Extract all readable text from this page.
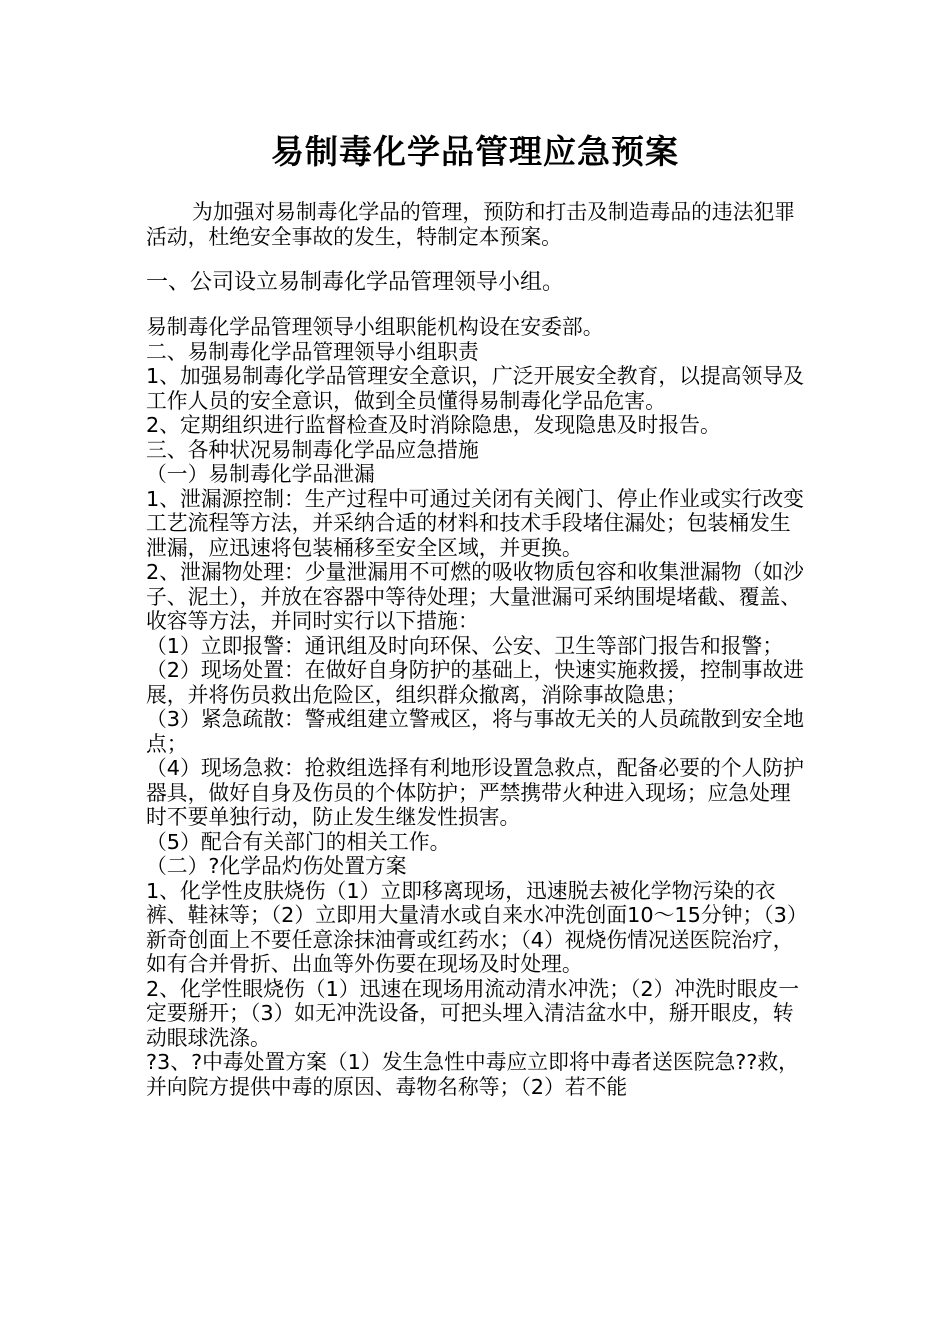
易制毒化学品管理应急预案

为加强对易制毒化学品的管理，预防和打击及制造毒品的违法犯罪活动，杜绝安全事故的发生，特制定本预案。

一、公司设立易制毒化学品管理领导小组。

易制毒化学品管理领导小组职能机构设在安委部。

二、易制毒化学品管理领导小组职责

1、加强易制毒化学品管理安全意识，广泛开展安全教育，以提高领导及工作人员的安全意识，做到全员懂得易制毒化学品危害。

2、定期组织进行监督检查及时消除隐患，发现隐患及时报告。

三、各种状况易制毒化学品应急措施

（一）易制毒化学品泄漏

1、泄漏源控制：生产过程中可通过关闭有关阀门、停止作业或实行改变工艺流程等方法，并采纳合适的材料和技术手段堵住漏处；包装桶发生泄漏，应迅速将包装桶移至安全区域，并更换。

2、泄漏物处理：少量泄漏用不可燃的吸收物质包容和收集泄漏物（如沙子、泥土），并放在容器中等待处理；大量泄漏可采纳围堤堵截、覆盖、收容等方法，并同时实行以下措施：

（1）立即报警：通讯组及时向环保、公安、卫生等部门报告和报警；

（2）现场处置：在做好自身防护的基础上，快速实施救援，控制事故进展，并将伤员救出危险区，组织群众撤离，消除事故隐患；

（3）紧急疏散：警戒组建立警戒区，将与事故无关的人员疏散到安全地点；

（4）现场急救：抢救组选择有利地形设置急救点，配备必要的个人防护器具，做好自身及伤员的个体防护；严禁携带火种进入现场；应急处理时不要单独行动，防止发生继发性损害。

（5）配合有关部门的相关工作。

（二）?化学品灼伤处置方案

1、化学性皮肤烧伤（1）立即移离现场，迅速脱去被化学物污染的衣裤、鞋袜等；（2）立即用大量清水或自来水冲洗创面10～15分钟；（3）新奇创面上不要任意涂抹油膏或红药水；（4）视烧伤情况送医院治疗，如有合并骨折、出血等外伤要在现场及时处理。

2、化学性眼烧伤（1）迅速在现场用流动清水冲洗；（2）冲洗时眼皮一定要掰开；（3）如无冲洗设备，可把头埋入清洁盆水中，掰开眼皮，转动眼球洗涤。

?3、?中毒处置方案（1）发生急性中毒应立即将中毒者送医院急??救，并向院方提供中毒的原因、毒物名称等；（2）若不能
